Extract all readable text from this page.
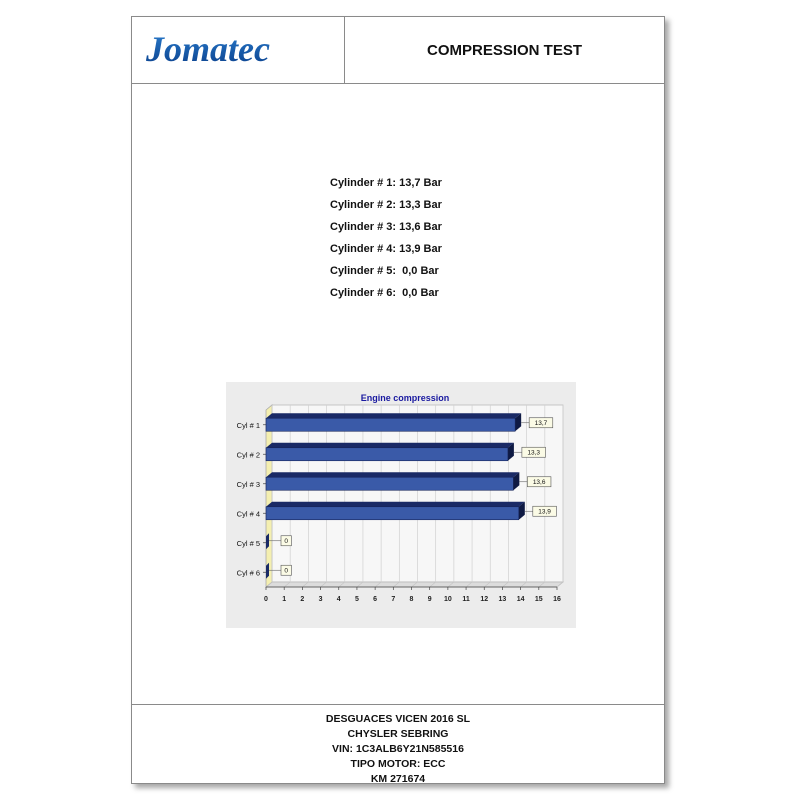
Jomatec	COMPRESSION TEST
Cylinder # 1: 13,7 Bar
Cylinder # 2: 13,3 Bar
Cylinder # 3: 13,6 Bar
Cylinder # 4: 13,9 Bar
Cylinder # 5:  0,0 Bar
Cylinder # 6:  0,0 Bar
Engine compression
0 1 2 3 4 5 6 7 8 9 10 11 12 13 14 15 16
Cyl # 1	13,7
Cyl # 2	13,3
Cyl # 3	13,6
Cyl # 4	13,9
Cyl # 5	0
Cyl # 6	0
DESGUACES VICEN 2016 SL
CHYSLER SEBRING
VIN: 1C3ALB6Y21N585516
TIPO MOTOR: ECC
KM 271674
